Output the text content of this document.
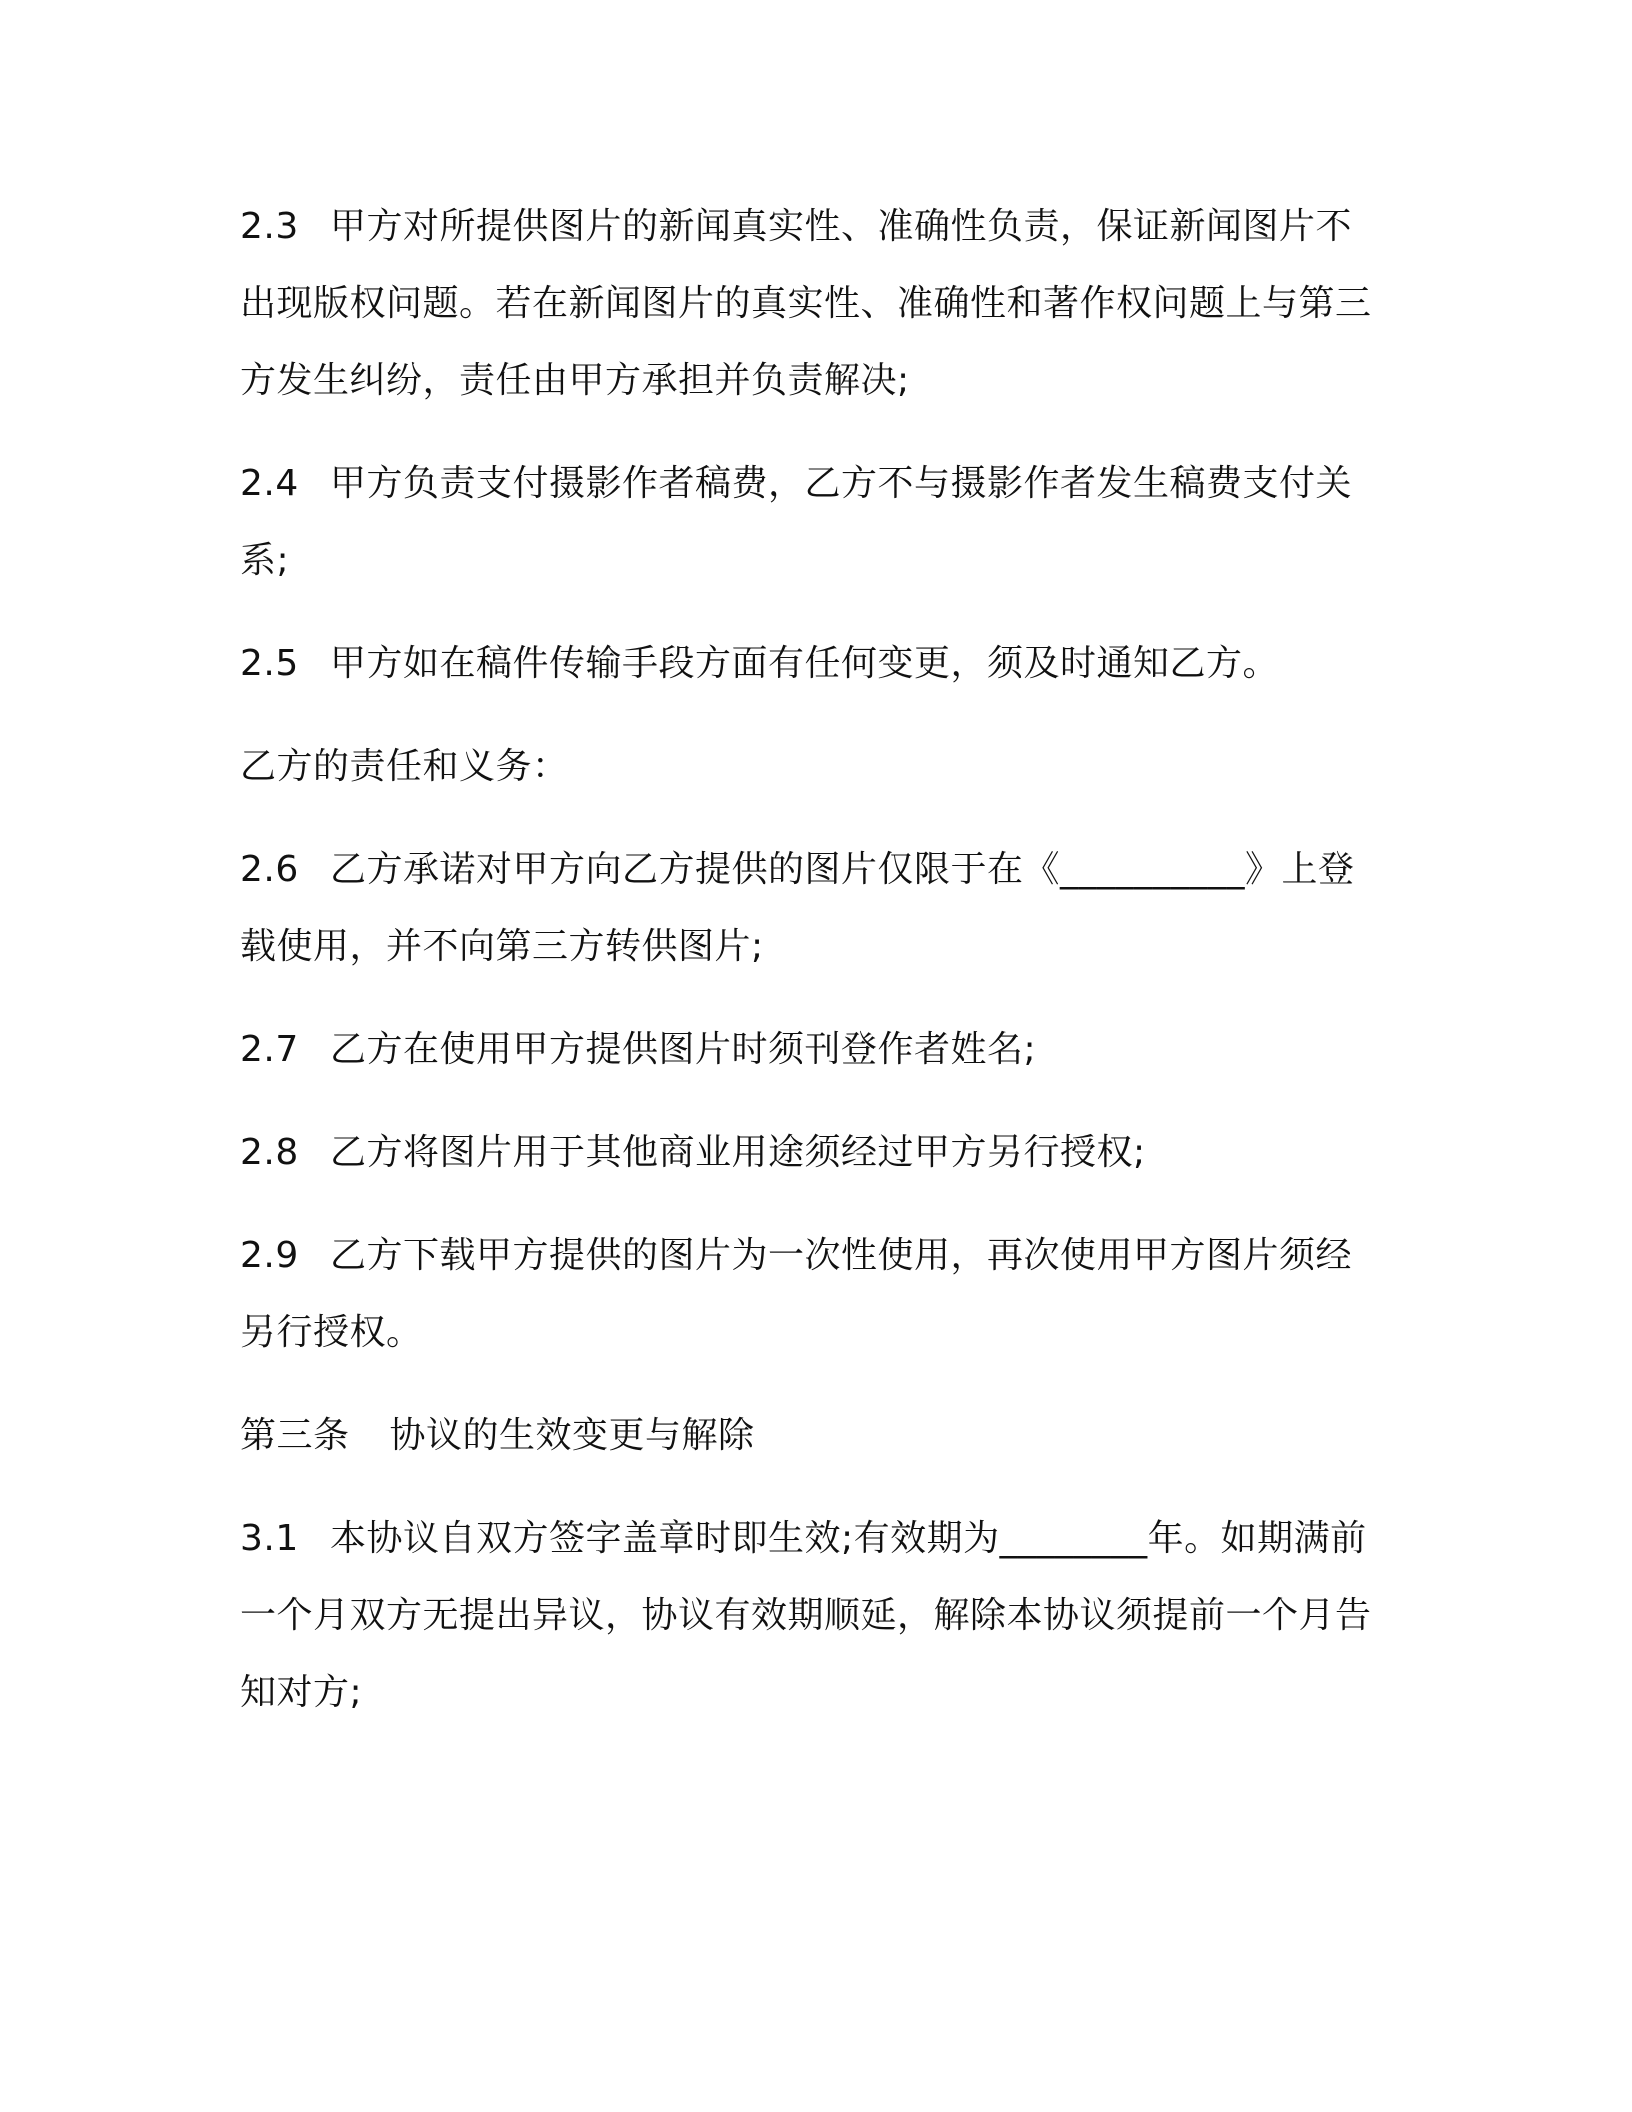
2.3 甲方对所提供图片的新闻真实性、准确性负责，保证新闻图片不出现版权问题。若在新闻图片的真实性、准确性和著作权问题上与第三方发生纠纷，责任由甲方承担并负责解决;

2.4 甲方负责支付摄影作者稿费，乙方不与摄影作者发生稿费支付关系;

2.5 甲方如在稿件传输手段方面有任何变更，须及时通知乙方。

乙方的责任和义务：

2.6 乙方承诺对甲方向乙方提供的图片仅限于在《__________》上登载使用，并不向第三方转供图片;

2.7 乙方在使用甲方提供图片时须刊登作者姓名;

2.8 乙方将图片用于其他商业用途须经过甲方另行授权;

2.9 乙方下载甲方提供的图片为一次性使用，再次使用甲方图片须经另行授权。

第三条 协议的生效变更与解除

3.1 本协议自双方签字盖章时即生效;有效期为________年。如期满前一个月双方无提出异议，协议有效期顺延，解除本协议须提前一个月告知对方;
